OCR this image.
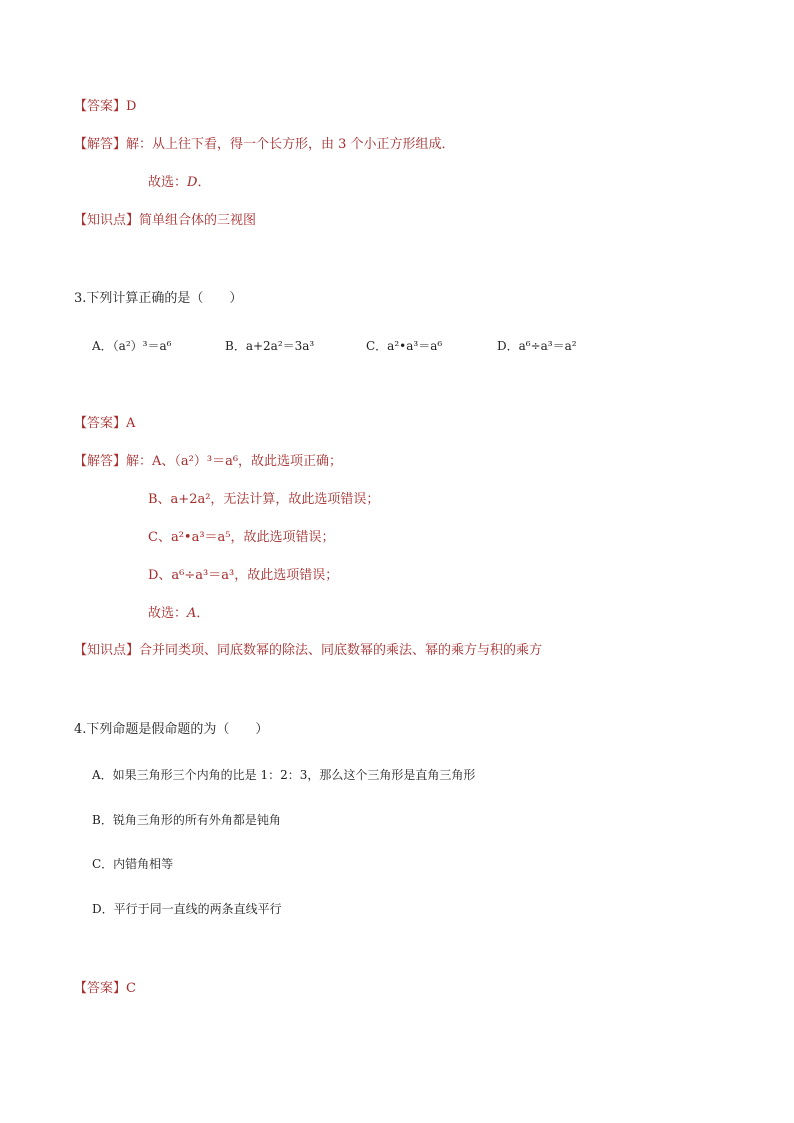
【答案】D
【解答】解：从上往下看，得一个长方形，由 3 个小正方形组成．
故选：D．
【知识点】简单组合体的三视图
3.下列计算正确的是（　　）
A．（a²）³＝a⁶	B．a+2a²＝3a³	C．a²•a³＝a⁶	D．a⁶÷a³＝a²
【答案】A
【解答】解：A、（a²）³＝a⁶，故此选项正确；
B、a+2a²，无法计算，故此选项错误；
C、a²•a³＝a⁵，故此选项错误；
D、a⁶÷a³＝a³，故此选项错误；
故选：A．
【知识点】合并同类项、同底数幂的除法、同底数幂的乘法、幂的乘方与积的乘方
4.下列命题是假命题的为（　　）
A．如果三角形三个内角的比是 1：2：3，那么这个三角形是直角三角形
B．锐角三角形的所有外角都是钝角
C．内错角相等
D．平行于同一直线的两条直线平行
【答案】C
